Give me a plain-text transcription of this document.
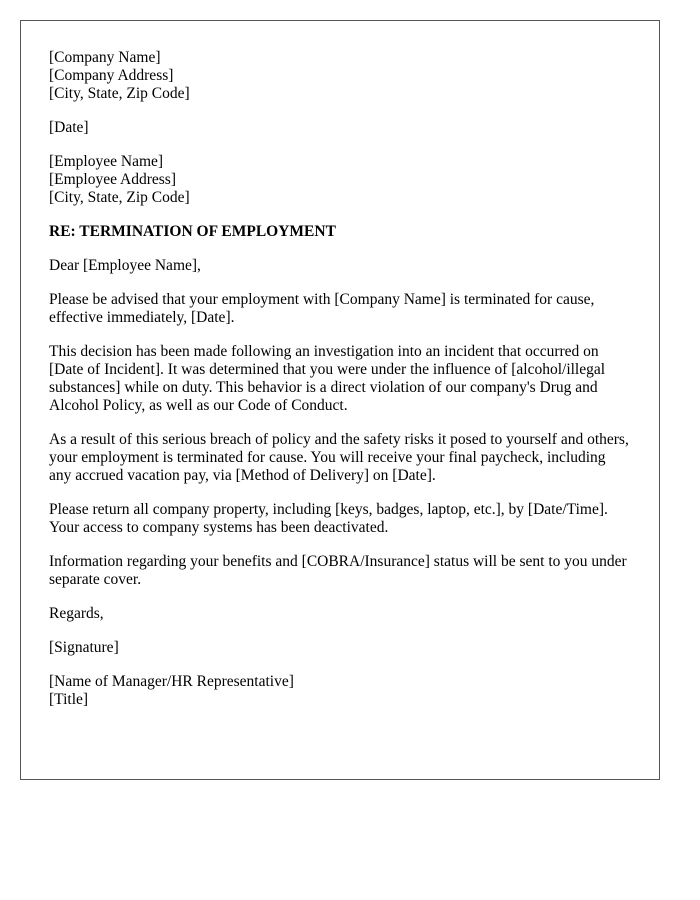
[Company Name]
[Company Address]
[City, State, Zip Code]
[Date]
[Employee Name]
[Employee Address]
[City, State, Zip Code]
RE: TERMINATION OF EMPLOYMENT

Dear [Employee Name],

Please be advised that your employment with [Company Name] is terminated for cause, effective immediately, [Date].

This decision has been made following an investigation into an incident that occurred on [Date of Incident]. It was determined that you were under the influence of [alcohol/illegal substances] while on duty. This behavior is a direct violation of our company's Drug and Alcohol Policy, as well as our Code of Conduct.

As a result of this serious breach of policy and the safety risks it posed to yourself and others, your employment is terminated for cause. You will receive your final paycheck, including any accrued vacation pay, via [Method of Delivery] on [Date].

Please return all company property, including [keys, badges, laptop, etc.], by [Date/Time]. Your access to company systems has been deactivated.

Information regarding your benefits and [COBRA/Insurance] status will be sent to you under separate cover.

Regards,

[Signature]

[Name of Manager/HR Representative]
[Title]
